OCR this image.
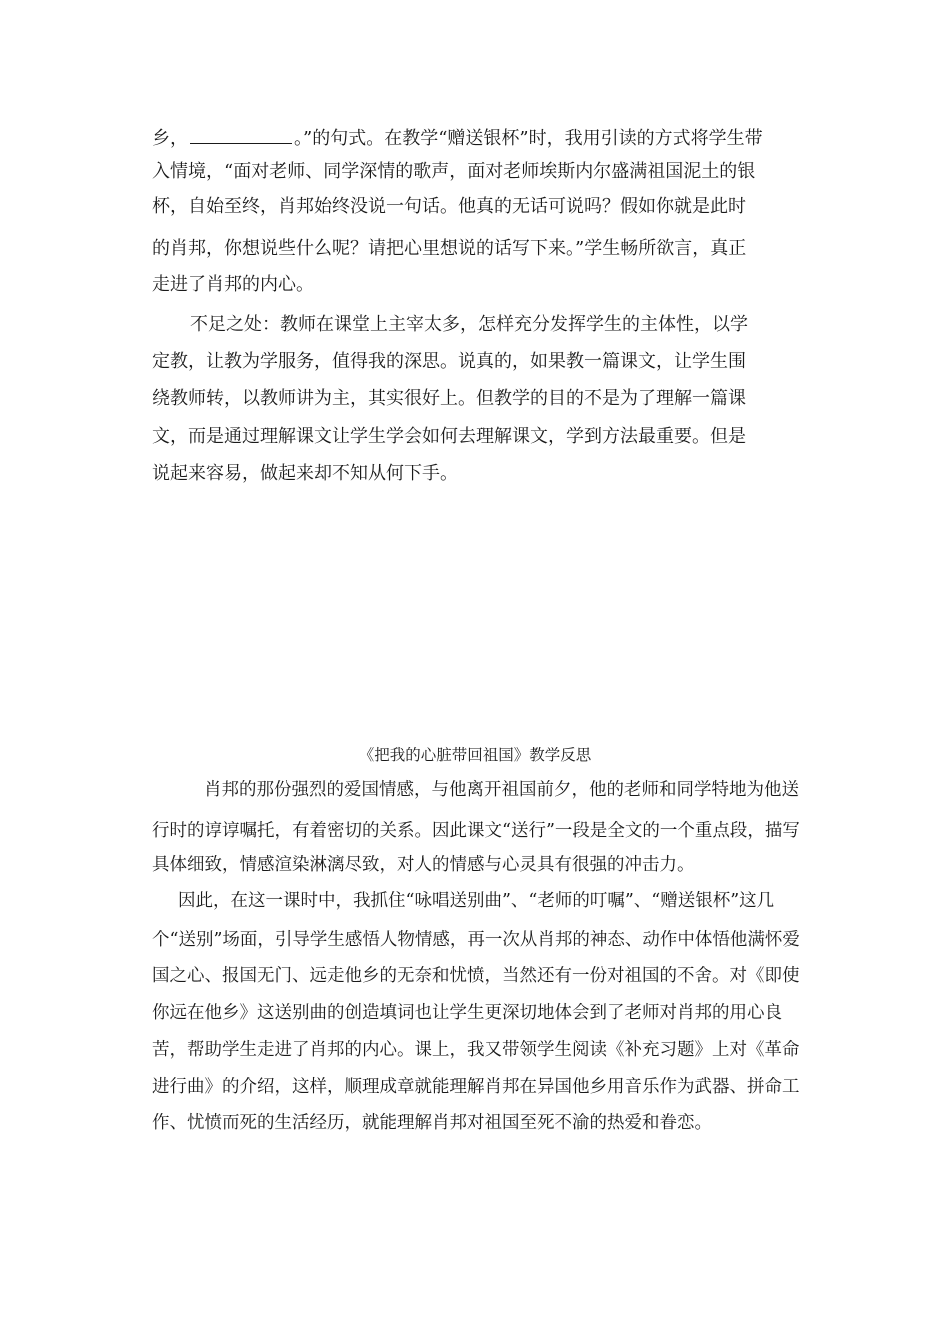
乡，	。”的句式。在教学“赠送银杯”时，我用引读的方式将学生带
入情境，“面对老师、同学深情的歌声，面对老师埃斯内尔盛满祖国泥土的银
杯，自始至终，肖邦始终没说一句话。他真的无话可说吗？假如你就是此时
的肖邦，你想说些什么呢？请把心里想说的话写下来。”学生畅所欲言，真正
走进了肖邦的内心。
不足之处：教师在课堂上主宰太多，怎样充分发挥学生的主体性，以学
定教，让教为学服务，值得我的深思。说真的，如果教一篇课文，让学生围
绕教师转，以教师讲为主，其实很好上。但教学的目的不是为了理解一篇课
文，而是通过理解课文让学生学会如何去理解课文，学到方法最重要。但是
说起来容易，做起来却不知从何下手。
《把我的心脏带回祖国》教学反思
肖邦的那份强烈的爱国情感，与他离开祖国前夕，他的老师和同学特地为他送
行时的谆谆嘱托，有着密切的关系。因此课文“送行”一段是全文的一个重点段，描写
具体细致，情感渲染淋漓尽致，对人的情感与心灵具有很强的冲击力。
因此，在这一课时中，我抓住“咏唱送别曲”、“老师的叮嘱”、“赠送银杯”这几
个“送别”场面，引导学生感悟人物情感，再一次从肖邦的神态、动作中体悟他满怀爱
国之心、报国无门、远走他乡的无奈和忧愤，当然还有一份对祖国的不舍。对《即使
你远在他乡》这送别曲的创造填词也让学生更深切地体会到了老师对肖邦的用心良
苦，帮助学生走进了肖邦的内心。课上，我又带领学生阅读《补充习题》上对《革命
进行曲》的介绍，这样，顺理成章就能理解肖邦在异国他乡用音乐作为武器、拼命工
作、忧愤而死的生活经历，就能理解肖邦对祖国至死不渝的热爱和眷恋。
